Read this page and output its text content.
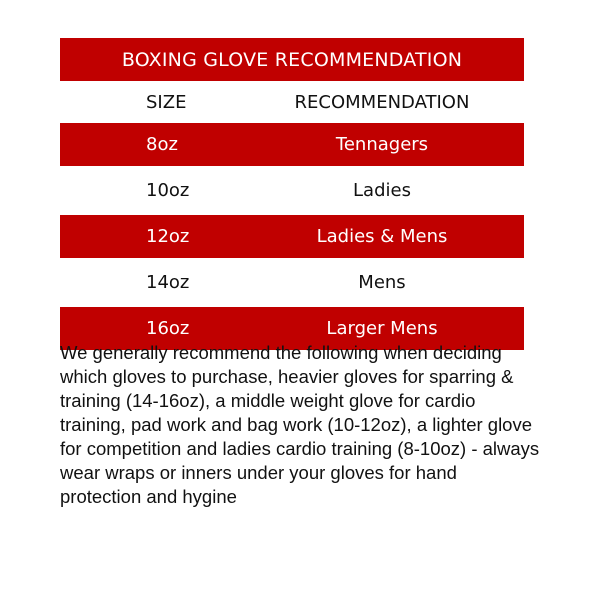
BOXING GLOVE RECOMMENDATION
SIZE	RECOMMENDATION
8oz	Tennagers
10oz	Ladies
12oz	Ladies & Mens
14oz	Mens
16oz	Larger Mens
We generally recommend the following when deciding which gloves to purchase, heavier gloves for sparring & training (14-16oz), a middle weight glove for cardio training, pad work and bag work (10-12oz), a lighter glove for competition and ladies cardio training (8-10oz) - always wear wraps or inners under your gloves for hand protection and hygine
